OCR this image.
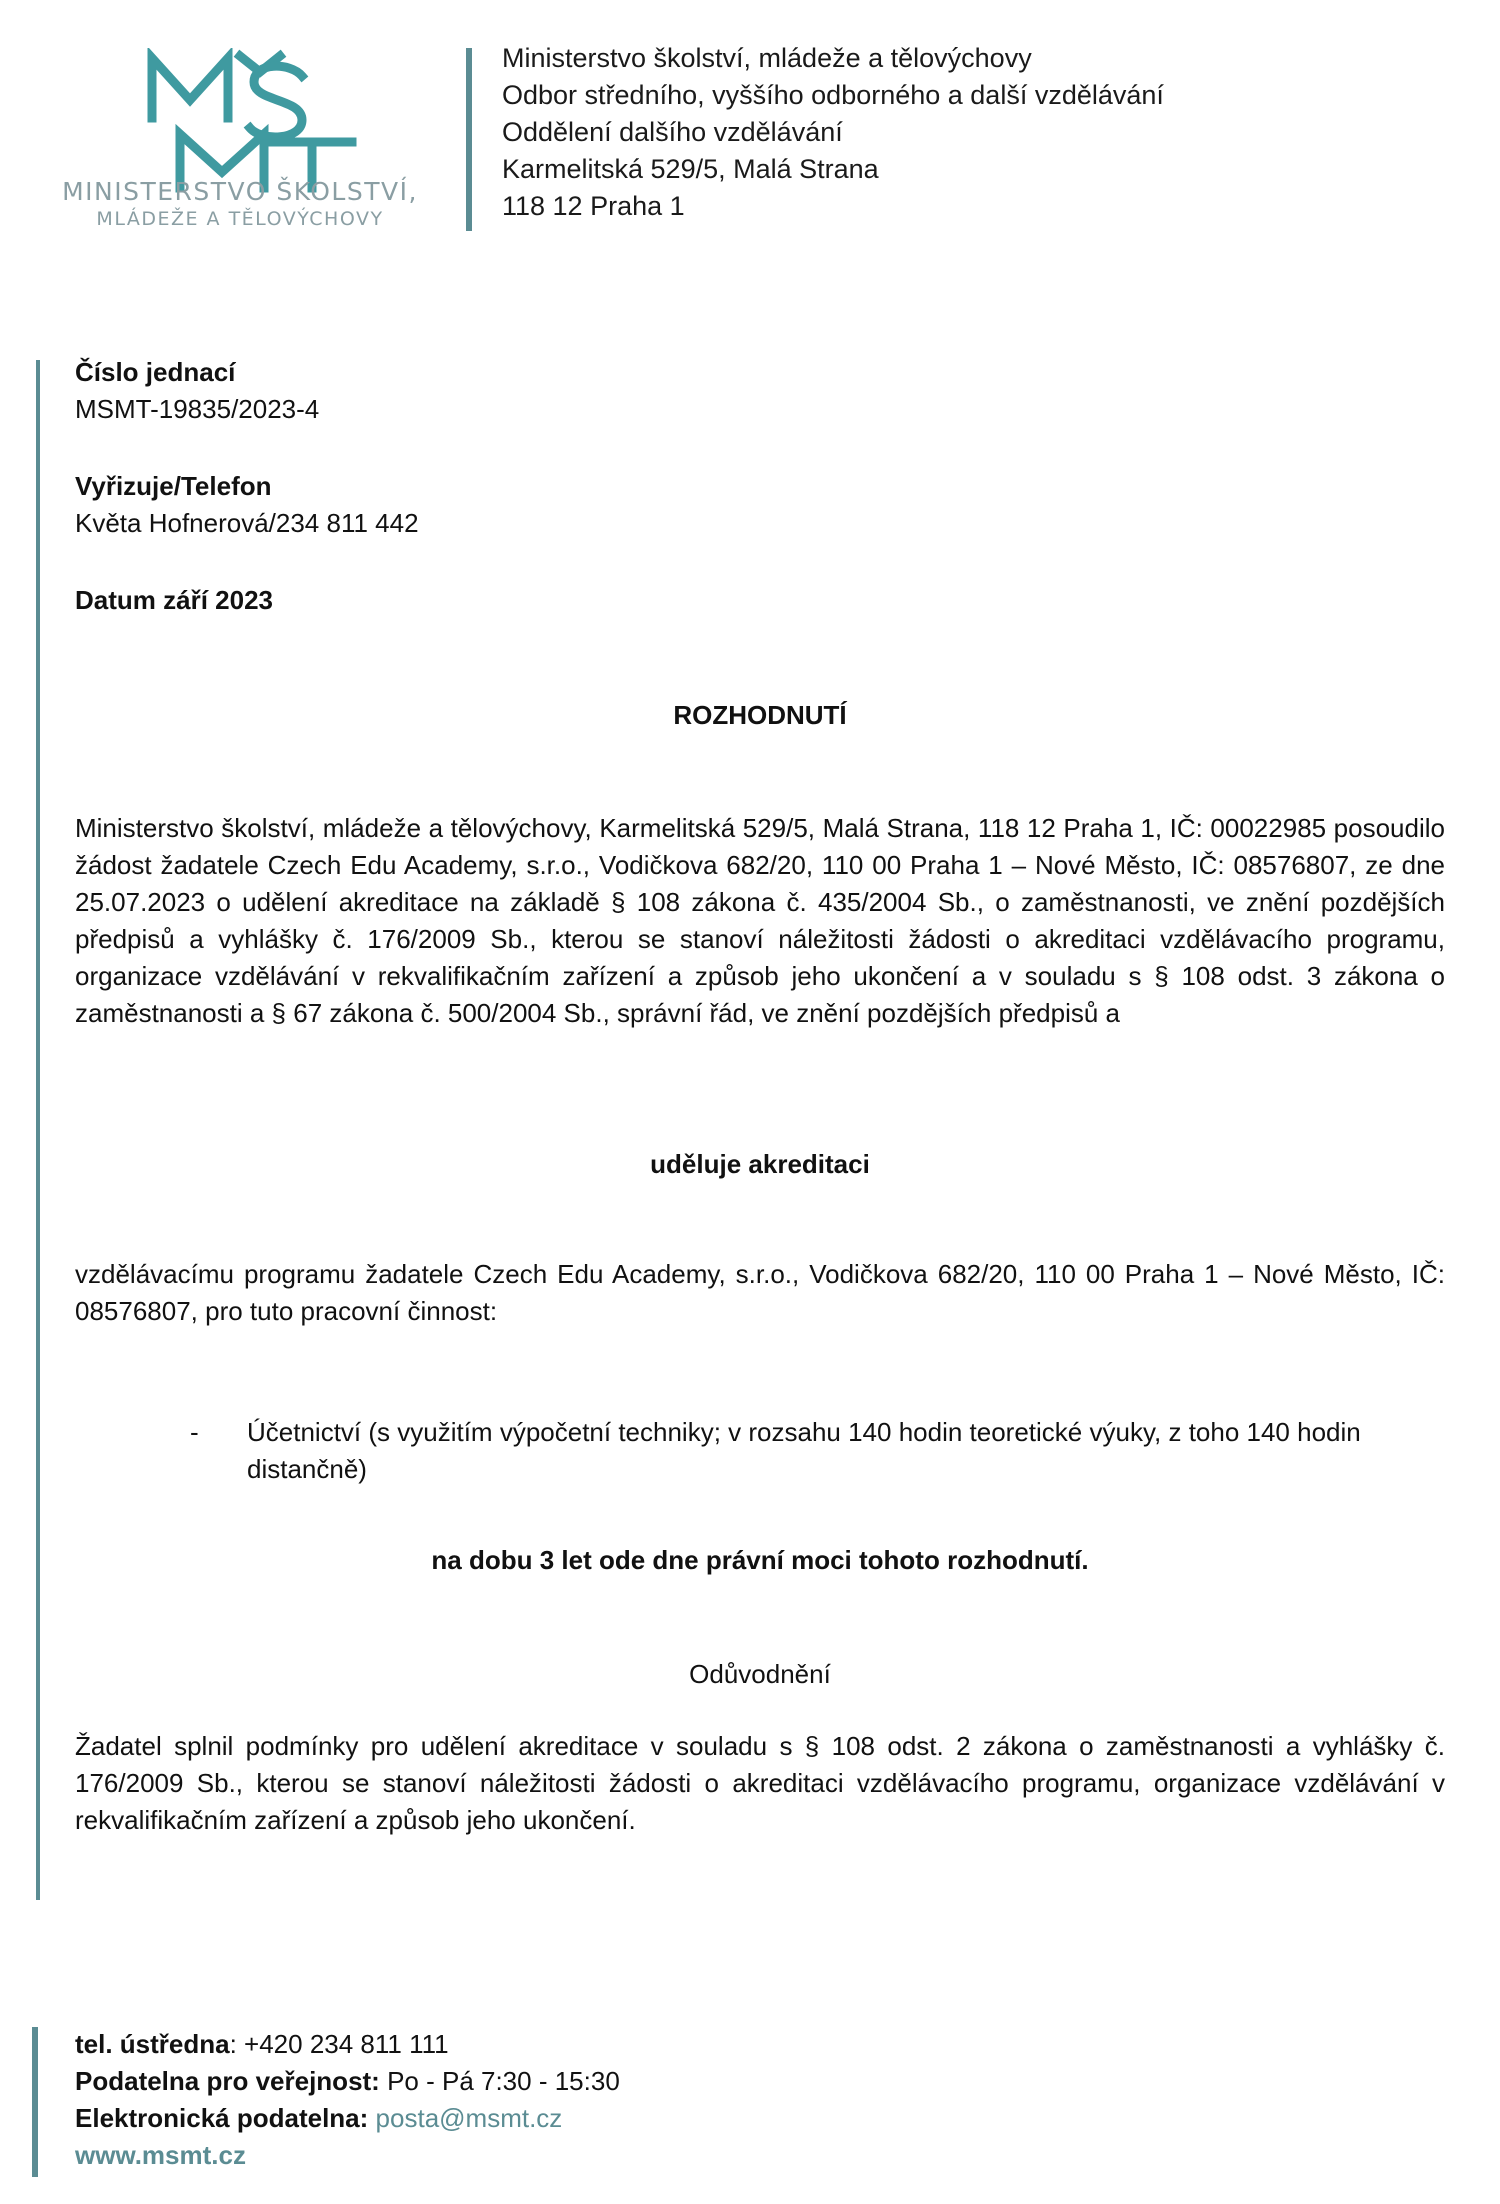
MINISTERSTVO ŠKOLSTVÍ,
MLÁDEŽE A TĚLOVÝCHOVY
Ministerstvo školství, mládeže a tělovýchovy
Odbor středního, vyššího odborného a další vzdělávání
Oddělení dalšího vzdělávání
Karmelitská 529/5, Malá Strana
118 12 Praha 1
Číslo jednací
MSMT-19835/2023-4
Vyřizuje/Telefon
Květa Hofnerová/234 811 442
Datum září 2023
ROZHODNUTÍ
Ministerstvo školství, mládeže a tělovýchovy, Karmelitská 529/5, Malá Strana, 118 12 Praha 1, IČ: 00022985 posoudilo žádost žadatele Czech Edu Academy, s.r.o., Vodičkova 682/20, 110 00 Praha 1 – Nové Město, IČ: 08576807, ze dne 25.07.2023 o udělení akreditace na základě § 108 zákona č. 435/2004 Sb., o zaměstnanosti, ve znění pozdějších předpisů a vyhlášky č. 176/2009 Sb., kterou se stanoví náležitosti žádosti o akreditaci vzdělávacího programu, organizace vzdělávání v rekvalifikačním zařízení a způsob jeho ukončení a v souladu s § 108 odst. 3 zákona o zaměstnanosti a § 67 zákona č. 500/2004 Sb., správní řád, ve znění pozdějších předpisů a
uděluje akreditaci
vzdělávacímu programu žadatele Czech Edu Academy, s.r.o., Vodičkova 682/20, 110 00 Praha 1 – Nové Město, IČ: 08576807, pro tuto pracovní činnost:
- Účetnictví (s využitím výpočetní techniky; v rozsahu 140 hodin teoretické výuky, z toho 140 hodin distančně)
na dobu 3 let ode dne právní moci tohoto rozhodnutí.
Odůvodnění
Žadatel splnil podmínky pro udělení akreditace v souladu s § 108 odst. 2 zákona o zaměstnanosti a vyhlášky č. 176/2009 Sb., kterou se stanoví náležitosti žádosti o akreditaci vzdělávacího programu, organizace vzdělávání v rekvalifikačním zařízení a způsob jeho ukončení.
tel. ústředna: +420 234 811 111
Podatelna pro veřejnost: Po - Pá 7:30 - 15:30
Elektronická podatelna: posta@msmt.cz
www.msmt.cz
